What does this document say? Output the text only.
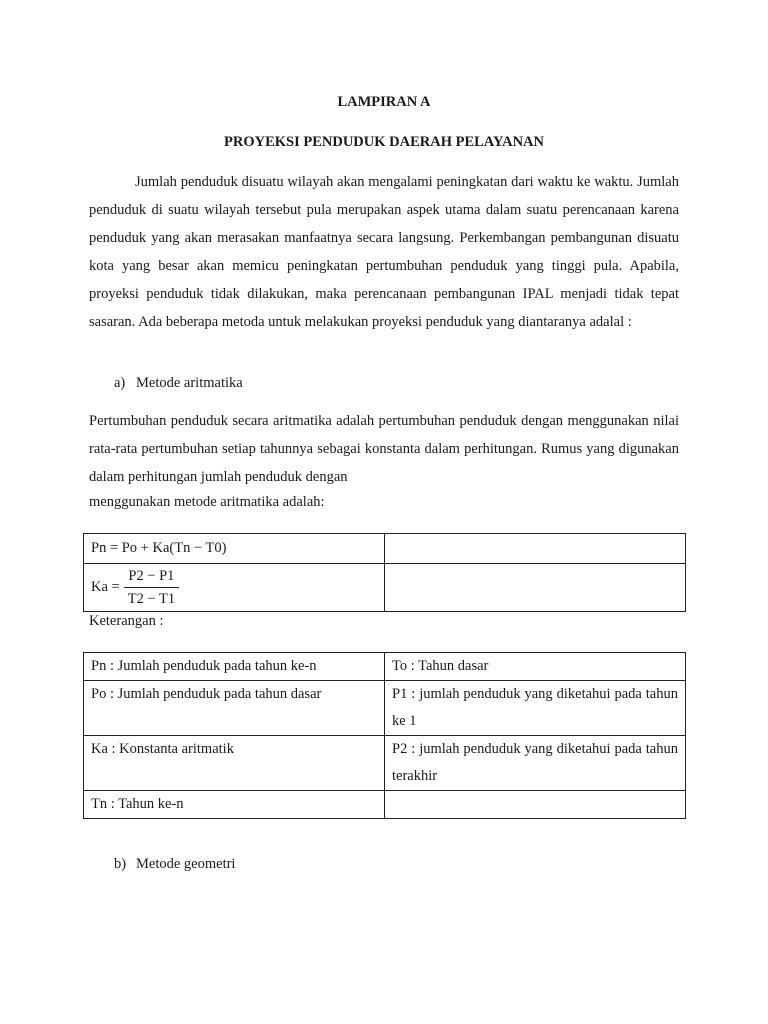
LAMPIRAN A
PROYEKSI PENDUDUK DAERAH PELAYANAN
Jumlah penduduk disuatu wilayah akan mengalami peningkatan dari waktu ke waktu. Jumlah penduduk di suatu wilayah tersebut pula merupakan aspek utama dalam suatu perencanaan karena penduduk yang akan merasakan manfaatnya secara langsung. Perkembangan pembangunan disuatu kota yang besar akan memicu peningkatan pertumbuhan penduduk yang tinggi pula. Apabila, proyeksi penduduk tidak dilakukan, maka perencanaan pembangunan IPAL menjadi tidak tepat sasaran. Ada beberapa metoda untuk melakukan proyeksi penduduk yang diantaranya adalal :
a) Metode aritmatika
Pertumbuhan penduduk secara aritmatika adalah pertumbuhan penduduk dengan menggunakan nilai rata-rata pertumbuhan setiap tahunnya sebagai konstanta dalam perhitungan. Rumus yang digunakan dalam perhitungan jumlah penduduk dengan
menggunakan metode aritmatika adalah:
Pn = Po + Ka(Tn − T0)	
$Ka = \frac{P2 - P1}{T2 - T1}$

Keterangan :
Pn : Jumlah penduduk pada tahun ke-n	To : Tahun dasar
Po : Jumlah penduduk pada tahun dasar	P1 : jumlah penduduk yang diketahui pada tahun ke 1
Ka : Konstanta aritmatik	P2 : jumlah penduduk yang diketahui pada tahun terakhir
Tn : Tahun ke-n	
b) Metode geometri
